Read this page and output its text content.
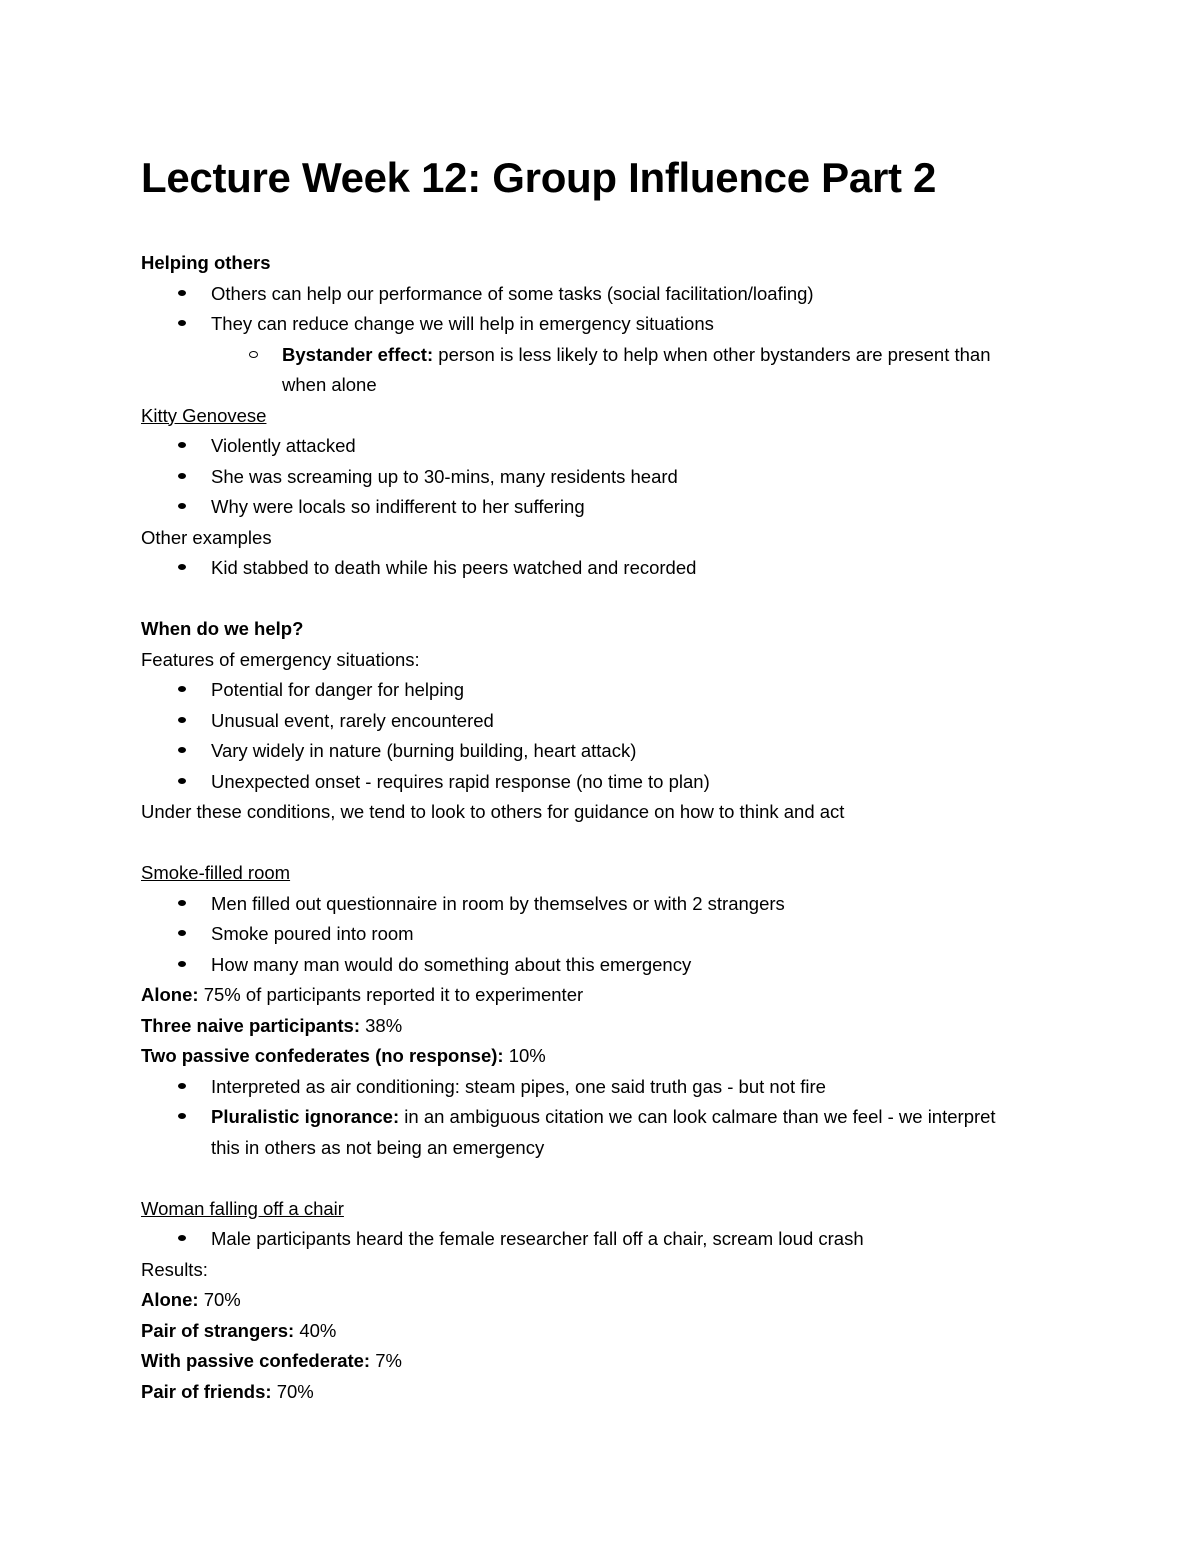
Lecture Week 12: Group Influence Part 2
Helping others
Others can help our performance of some tasks (social facilitation/loafing)
They can reduce change we will help in emergency situations
Bystander effect: person is less likely to help when other bystanders are present than
when alone
Kitty Genovese
Violently attacked
She was screaming up to 30-mins, many residents heard
Why were locals so indifferent to her suffering
Other examples
Kid stabbed to death while his peers watched and recorded
When do we help?
Features of emergency situations:
Potential for danger for helping
Unusual event, rarely encountered
Vary widely in nature (burning building, heart attack)
Unexpected onset - requires rapid response (no time to plan)
Under these conditions, we tend to look to others for guidance on how to think and act
Smoke-filled room
Men filled out questionnaire in room by themselves or with 2 strangers
Smoke poured into room
How many man would do something about this emergency
Alone: 75% of participants reported it to experimenter
Three naive participants: 38%
Two passive confederates (no response): 10%
Interpreted as air conditioning: steam pipes, one said truth gas - but not fire
Pluralistic ignorance: in an ambiguous citation we can look calmare than we feel - we interpret
this in others as not being an emergency
Woman falling off a chair
Male participants heard the female researcher fall off a chair, scream loud crash
Results:
Alone: 70%
Pair of strangers: 40%
With passive confederate: 7%
Pair of friends: 70%
